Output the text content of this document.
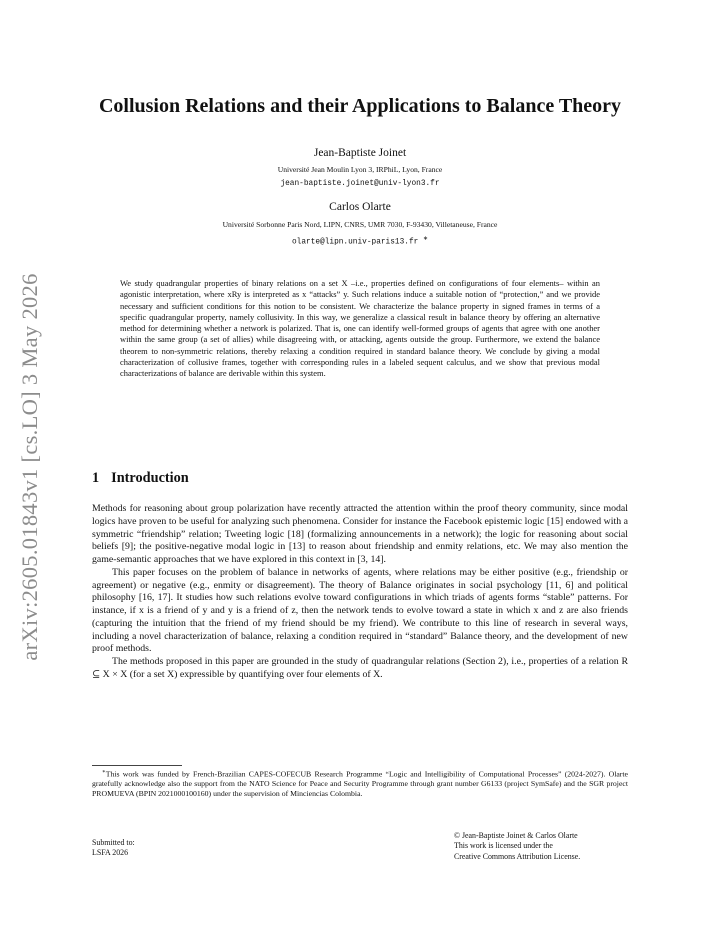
arXiv:2605.01843v1 [cs.LO] 3 May 2026
Collusion Relations and their Applications to Balance Theory
Jean-Baptiste Joinet
Université Jean Moulin Lyon 3, IRPhiL, Lyon, France
jean-baptiste.joinet@univ-lyon3.fr
Carlos Olarte
Université Sorbonne Paris Nord, LIPN, CNRS, UMR 7030, F-93430, Villetaneuse, France
olarte@lipn.univ-paris13.fr ∗

We study quadrangular properties of binary relations on a set X –i.e., properties defined on configurations of four elements– within an agonistic interpretation, where xRy is interpreted as x “attacks” y. Such relations induce a suitable notion of “protection,” and we provide necessary and sufficient conditions for this notion to be consistent. We characterize the balance property in signed frames in terms of a specific quadrangular property, namely collusivity. In this way, we generalize a classical result in balance theory by offering an alternative method for determining whether a network is polarized. That is, one can identify well-formed groups of agents that agree with one another within the same group (a set of allies) while disagreeing with, or attacking, agents outside the group. Furthermore, we extend the balance theorem to non-symmetric relations, thereby relaxing a condition required in standard balance theory. We conclude by giving a modal characterization of collusive frames, together with corresponding rules in a labeled sequent calculus, and we show that previous modal characterizations of balance are derivable within this system.

1 Introduction

Methods for reasoning about group polarization have recently attracted the attention within the proof theory community, since modal logics have proven to be useful for analyzing such phenomena. Consider for instance the Facebook epistemic logic [15] endowed with a symmetric “friendship” relation; Tweeting logic [18] (formalizing announcements in a network); the logic for reasoning about social beliefs [9]; the positive-negative modal logic in [13] to reason about friendship and enmity relations, etc. We may also mention the game-semantic approaches that we have explored in this context in [3, 14].

This paper focuses on the problem of balance in networks of agents, where relations may be either positive (e.g., friendship or agreement) or negative (e.g., enmity or disagreement). The theory of Balance originates in social psychology [11, 6] and political philosophy [16, 17]. It studies how such relations evolve toward configurations in which triads of agents forms “stable” patterns. For instance, if x is a friend of y and y is a friend of z, then the network tends to evolve toward a state in which x and z are also friends (capturing the intuition that the friend of my friend should be my friend). We contribute to this line of research in several ways, including a novel characterization of balance, relaxing a condition required in “standard” Balance theory, and the development of new proof methods.

The methods proposed in this paper are grounded in the study of quadrangular relations (Section 2), i.e., properties of a relation R ⊆ X × X (for a set X) expressible by quantifying over four elements of X.

∗This work was funded by French-Brazilian CAPES-COFECUB Research Programme “Logic and Intelligibility of Computational Processes” (2024-2027). Olarte gratefully acknowledge also the support from the NATO Science for Peace and Security Programme through grant number G6133 (project SymSafe) and the SGR project PROMUEVA (BPIN 2021000100160) under the supervision of Minciencias Colombia.

Submitted to:
LSFA 2026
© Jean-Baptiste Joinet & Carlos Olarte
This work is licensed under the
Creative Commons Attribution License.
